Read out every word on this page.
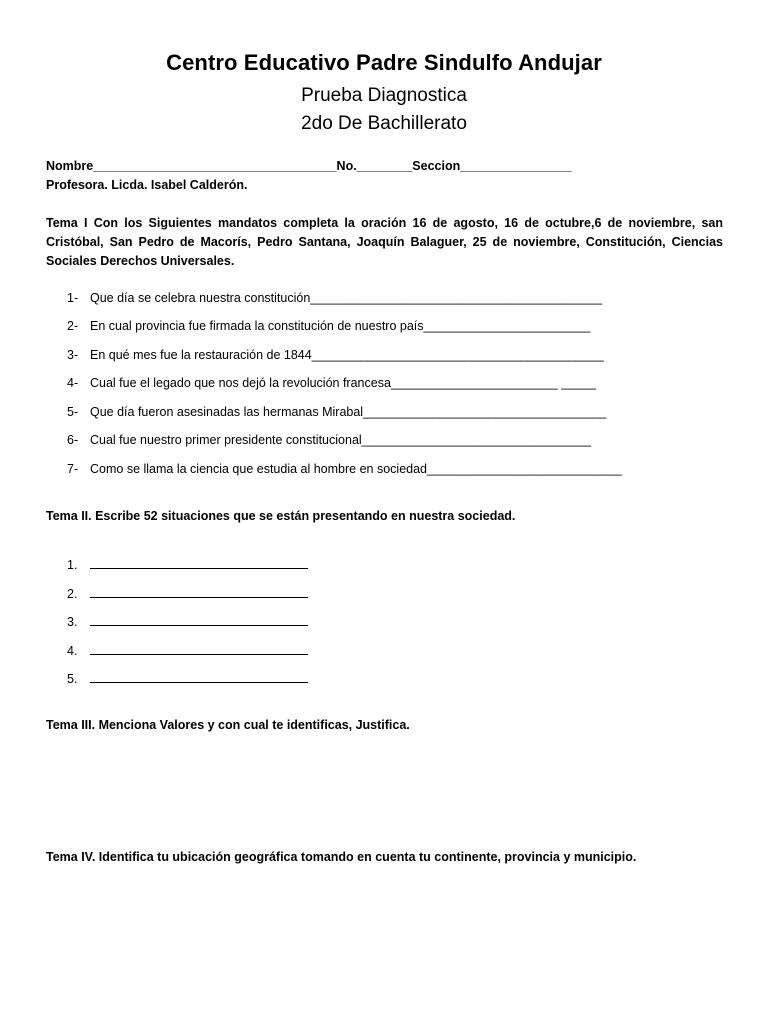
Centro Educativo Padre Sindulfo Andujar
Prueba Diagnostica
2do De Bachillerato
Nombre___________________________________No.________Seccion________________
Profesora. Licda. Isabel Calderón.
Tema I Con los Siguientes mandatos completa la oración 16 de agosto, 16 de octubre,6 de noviembre, san Cristóbal, San Pedro de Macorís, Pedro Santana, Joaquín Balaguer, 25 de noviembre, Constitución, Ciencias Sociales Derechos Universales.
1- Que día se celebra nuestra constitución__________________________________________
2- En cual provincia fue firmada la constitución de nuestro país________________________
3- En qué mes fue la restauración de 1844__________________________________________
4- Cual fue el legado que nos dejó la revolución francesa________________________ _____
5- Que día fueron asesinadas las hermanas Mirabal___________________________________
6- Cual fue nuestro primer presidente constitucional_________________________________
7- Como se llama la ciencia que estudia al hombre en sociedad____________________________
Tema II. Escribe 52 situaciones que se están presentando en nuestra sociedad.
1.
2.
3.
4.
5.
Tema III. Menciona Valores y con cual te identificas, Justifica.
Tema IV. Identifica tu ubicación geográfica tomando en cuenta tu continente, provincia y municipio.
